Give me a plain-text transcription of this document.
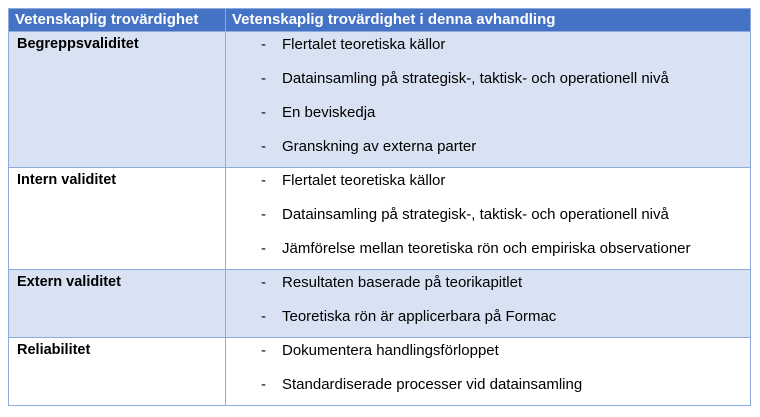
Vetenskaplig trovärdighet	Vetenskaplig trovärdighet i denna avhandling
Begreppsvaliditet	-	Flertalet teoretiska källor
-	Datainsamling på strategisk-, taktisk- och operationell nivå
-	En beviskedja
-	Granskning av externa parter
Intern validitet	-	Flertalet teoretiska källor
-	Datainsamling på strategisk-, taktisk- och operationell nivå
-	Jämförelse mellan teoretiska rön och empiriska observationer
Extern validitet	-	Resultaten baserade på teorikapitlet
-	Teoretiska rön är applicerbara på Formac
Reliabilitet	-	Dokumentera handlingsförloppet
-	Standardiserade processer vid datainsamling
